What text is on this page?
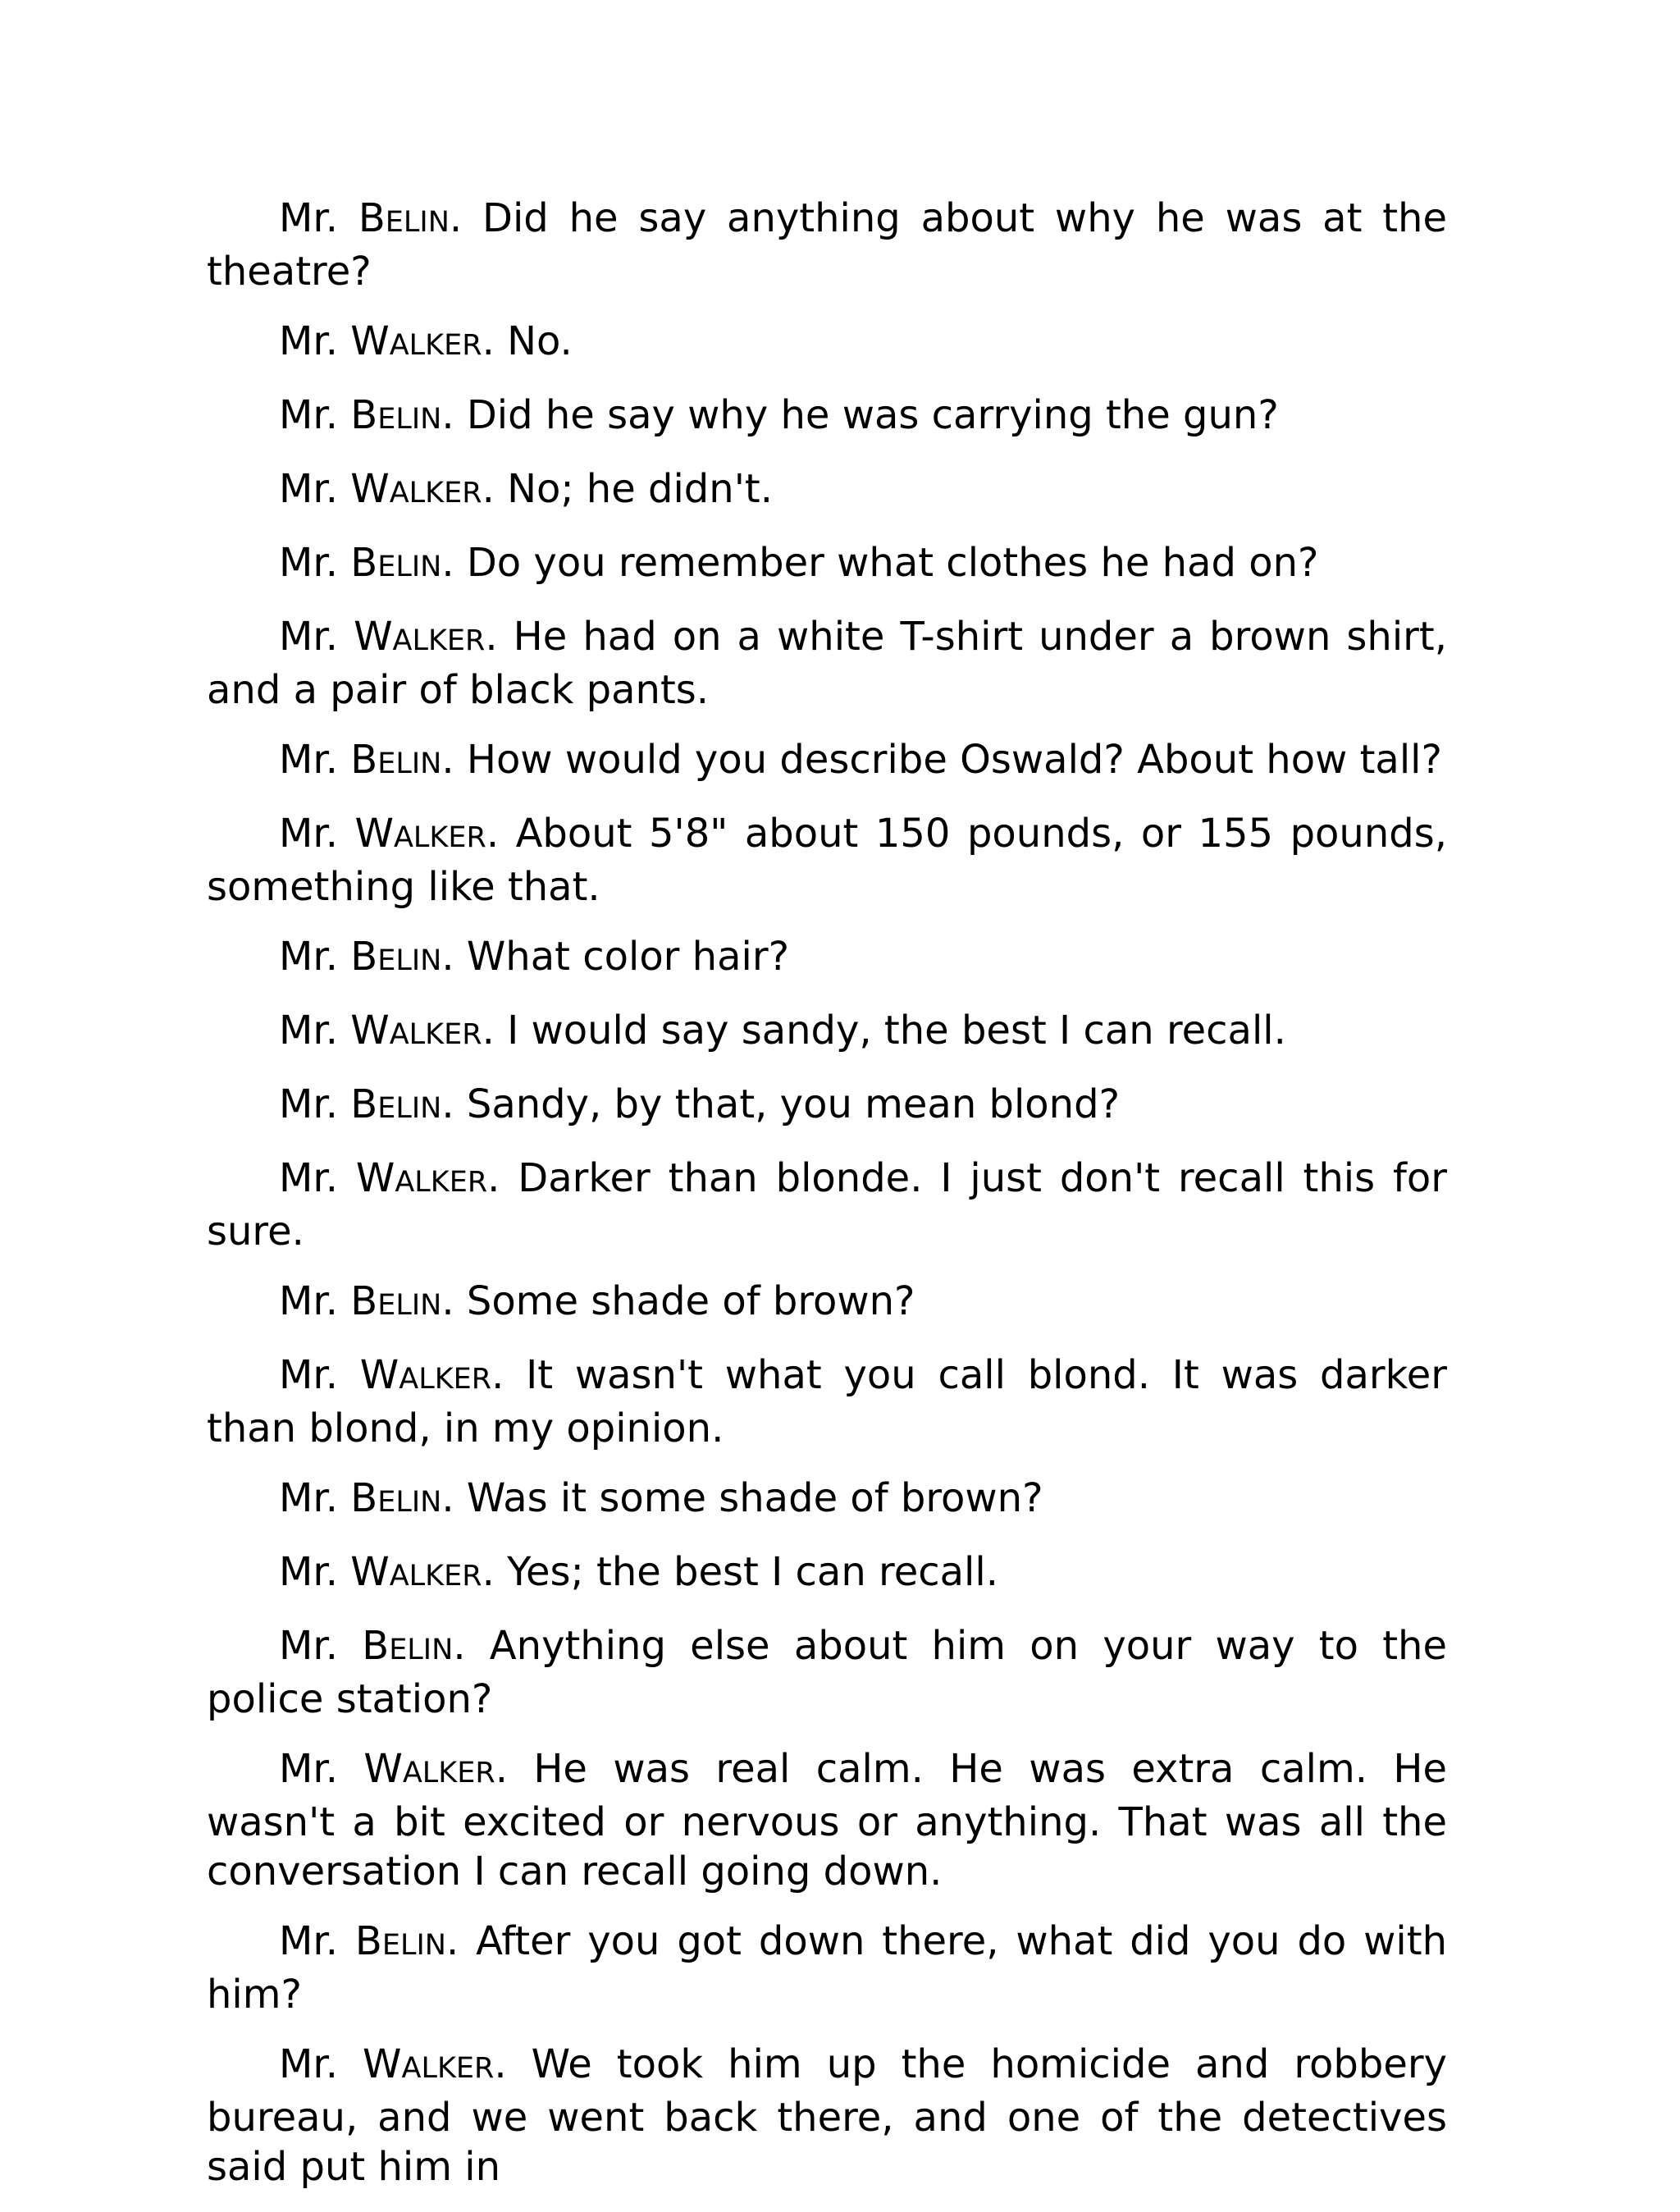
Mr. BELIN. Did he say anything about why he was at the theatre?

Mr. WALKER. No.

Mr. BELIN. Did he say why he was carrying the gun?

Mr. WALKER. No; he didn't.

Mr. BELIN. Do you remember what clothes he had on?

Mr. WALKER. He had on a white T-shirt under a brown shirt, and a pair of black pants.

Mr. BELIN. How would you describe Oswald? About how tall?

Mr. WALKER. About 5'8" about 150 pounds, or 155 pounds, something like that.

Mr. BELIN. What color hair?

Mr. WALKER. I would say sandy, the best I can recall.

Mr. BELIN. Sandy, by that, you mean blond?

Mr. WALKER. Darker than blonde. I just don't recall this for sure.

Mr. BELIN. Some shade of brown?

Mr. WALKER. It wasn't what you call blond. It was darker than blond, in my opinion.

Mr. BELIN. Was it some shade of brown?

Mr. WALKER. Yes; the best I can recall.

Mr. BELIN. Anything else about him on your way to the police station?

Mr. WALKER. He was real calm. He was extra calm. He wasn't a bit excited or nervous or anything. That was all the conversation I can recall going down.

Mr. BELIN. After you got down there, what did you do with him?

Mr. WALKER. We took him up the homicide and robbery bureau, and we went back there, and one of the detectives said put him in
